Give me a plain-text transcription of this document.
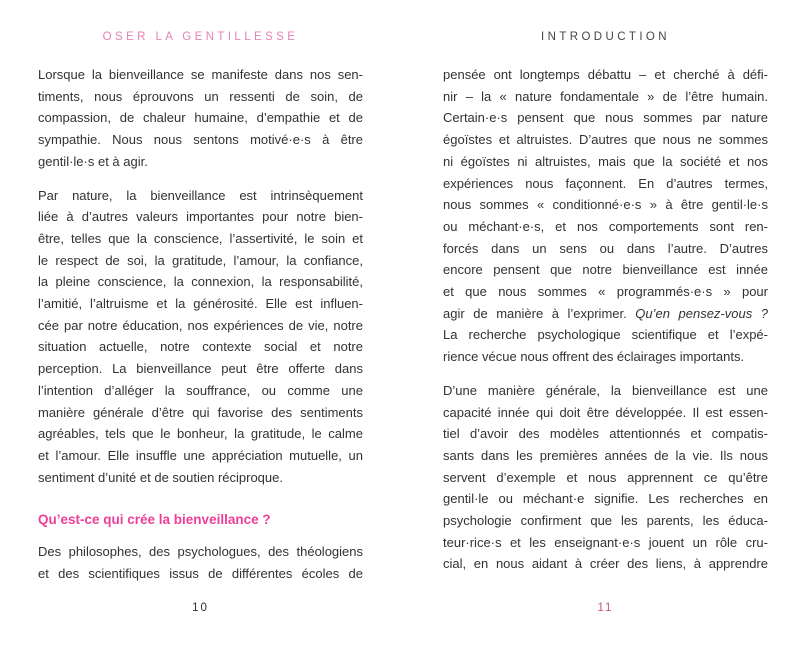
OSER LA GENTILLESSE
Lorsque la bienveillance se manifeste dans nos sen-
timents, nous éprouvons un ressenti de soin, de
compassion, de chaleur humaine, d’empathie et de
sympathie. Nous nous sentons motivé·e·s à être
gentil·le·s et à agir.
Par nature, la bienveillance est intrinsèquement
liée à d’autres valeurs importantes pour notre bien-
être, telles que la conscience, l’assertivité, le soin et
le respect de soi, la gratitude, l’amour, la confiance,
la pleine conscience, la connexion, la responsabilité,
l’amitié, l’altruisme et la générosité. Elle est influen-
cée par notre éducation, nos expériences de vie, notre
situation actuelle, notre contexte social et notre
perception. La bienveillance peut être offerte dans
l’intention d’alléger la souffrance, ou comme une
manière générale d’être qui favorise des sentiments
agréables, tels que le bonheur, la gratitude, le calme
et l’amour. Elle insuffle une appréciation mutuelle, un
sentiment d’unité et de soutien réciproque.
Qu’est-ce qui crée la bienveillance ?
Des philosophes, des psychologues, des théologiens
et des scientifiques issus de différentes écoles de
10
INTRODUCTION
pensée ont longtemps débattu – et cherché à défi-
nir – la « nature fondamentale » de l’être humain.
Certain·e·s pensent que nous sommes par nature
égoïstes et altruistes. D’autres que nous ne sommes
ni égoïstes ni altruistes, mais que la société et nos
expériences nous façonnent. En d’autres termes,
nous sommes « conditionné·e·s » à être gentil·le·s
ou méchant·e·s, et nos comportements sont ren-
forcés dans un sens ou dans l’autre. D’autres
encore pensent que notre bienveillance est innée
et que nous sommes « programmés·e·s » pour
agir de manière à l’exprimer. Qu’en pensez-vous ?
La recherche psychologique scientifique et l’expé-
rience vécue nous offrent des éclairages importants.
D’une manière générale, la bienveillance est une
capacité innée qui doit être développée. Il est essen-
tiel d’avoir des modèles attentionnés et compatis-
sants dans les premières années de la vie. Ils nous
servent d’exemple et nous apprennent ce qu’être
gentil·le ou méchant·e signifie. Les recherches en
psychologie confirment que les parents, les éduca-
teur·rice·s et les enseignant·e·s jouent un rôle cru-
cial, en nous aidant à créer des liens, à apprendre
11
